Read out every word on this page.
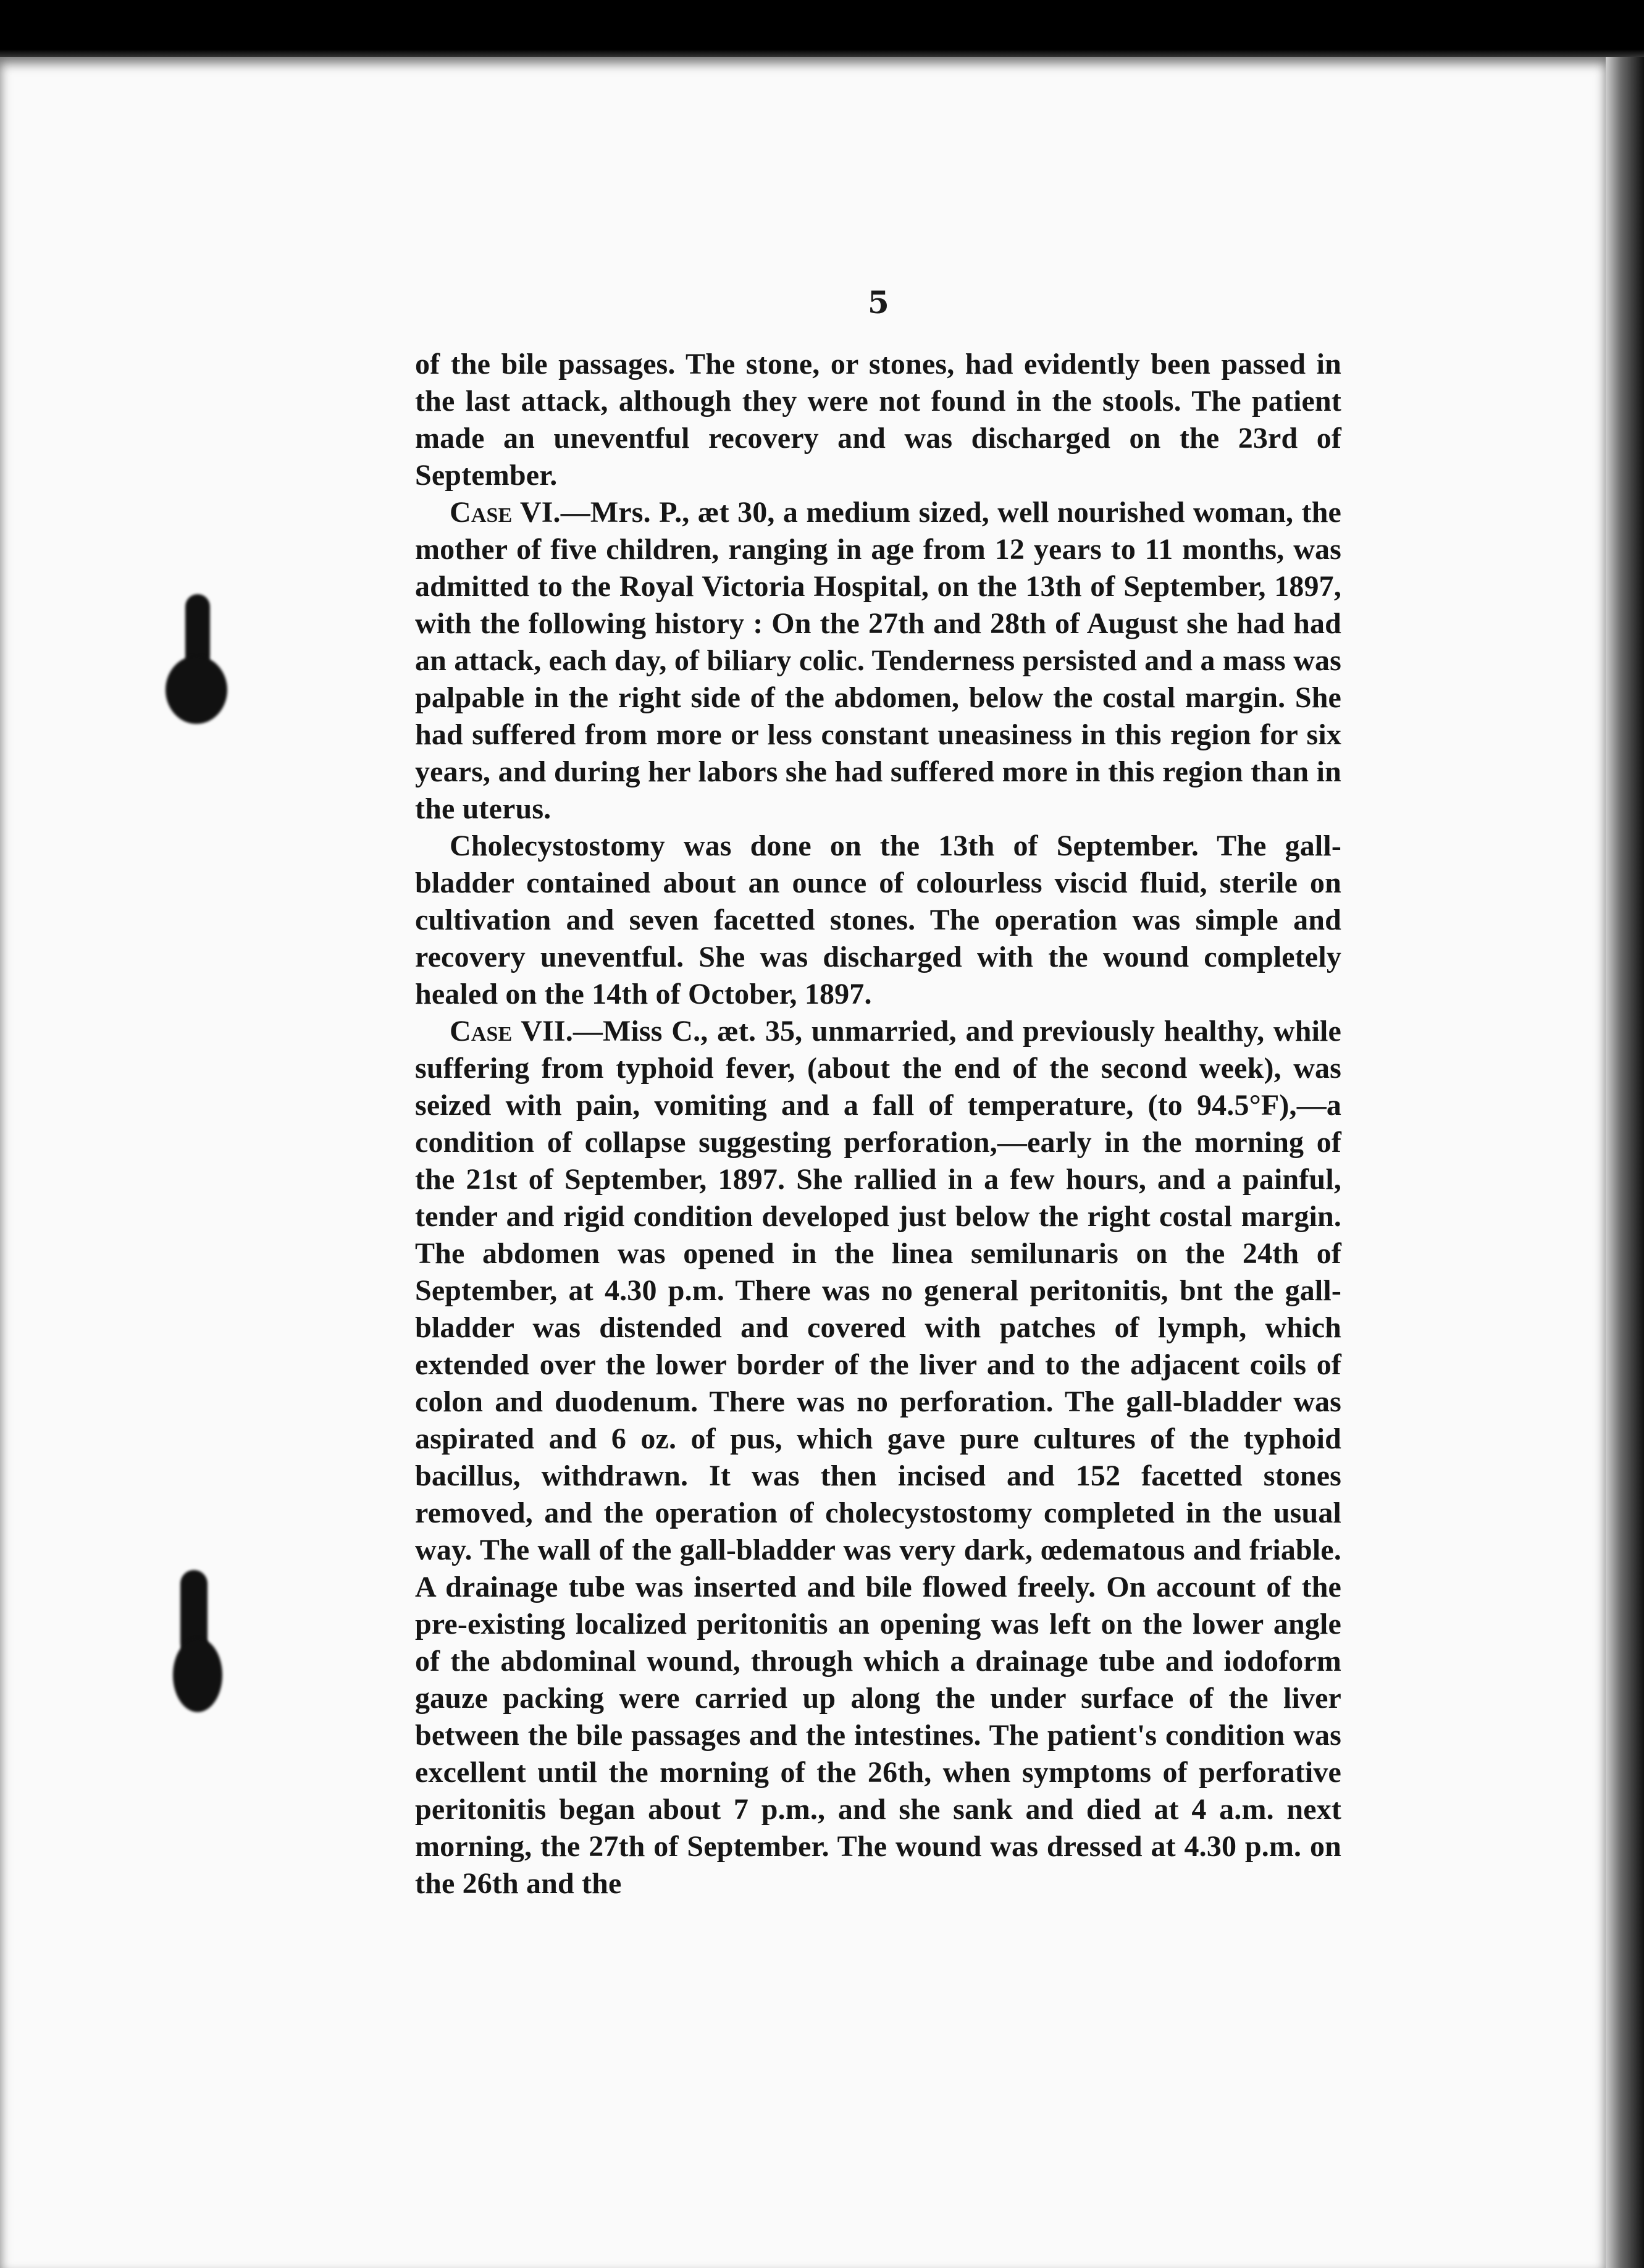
5

of the bile passages. The stone, or stones, had evidently been passed in the last attack, although they were not found in the stools. The patient made an uneventful recovery and was discharged on the 23rd of September.

Case VI.—Mrs. P., æt 30, a medium sized, well nourished woman, the mother of five children, ranging in age from 12 years to 11 months, was admitted to the Royal Victoria Hospital, on the 13th of September, 1897, with the following history : On the 27th and 28th of August she had had an attack, each day, of biliary colic. Tenderness persisted and a mass was palpable in the right side of the abdomen, below the costal margin. She had suffered from more or less constant uneasiness in this region for six years, and during her labors she had suffered more in this region than in the uterus.

Cholecystostomy was done on the 13th of September. The gall-bladder contained about an ounce of colourless viscid fluid, sterile on cultivation and seven facetted stones. The operation was simple and recovery uneventful. She was discharged with the wound completely healed on the 14th of October, 1897.

Case VII.—Miss C., æt. 35, unmarried, and previously healthy, while suffering from typhoid fever, (about the end of the second week), was seized with pain, vomiting and a fall of temperature, (to 94.5°F),—a condition of collapse suggesting perforation,—early in the morning of the 21st of September, 1897. She rallied in a few hours, and a painful, tender and rigid condition developed just below the right costal margin. The abdomen was opened in the linea semilunaris on the 24th of September, at 4.30 p.m. There was no general peritonitis, bnt the gall-bladder was distended and covered with patches of lymph, which extended over the lower border of the liver and to the adjacent coils of colon and duodenum. There was no perforation. The gall-bladder was aspirated and 6 oz. of pus, which gave pure cultures of the typhoid bacillus, withdrawn. It was then incised and 152 facetted stones removed, and the operation of cholecystostomy completed in the usual way. The wall of the gall-bladder was very dark, œdematous and friable. A drainage tube was inserted and bile flowed freely. On account of the pre-existing localized peritonitis an opening was left on the lower angle of the abdominal wound, through which a drainage tube and iodoform gauze packing were carried up along the under surface of the liver between the bile passages and the intestines. The patient's condition was excellent until the morning of the 26th, when symptoms of perforative peritonitis began about 7 p.m., and she sank and died at 4 a.m. next morning, the 27th of September. The wound was dressed at 4.30 p.m. on the 26th and the
